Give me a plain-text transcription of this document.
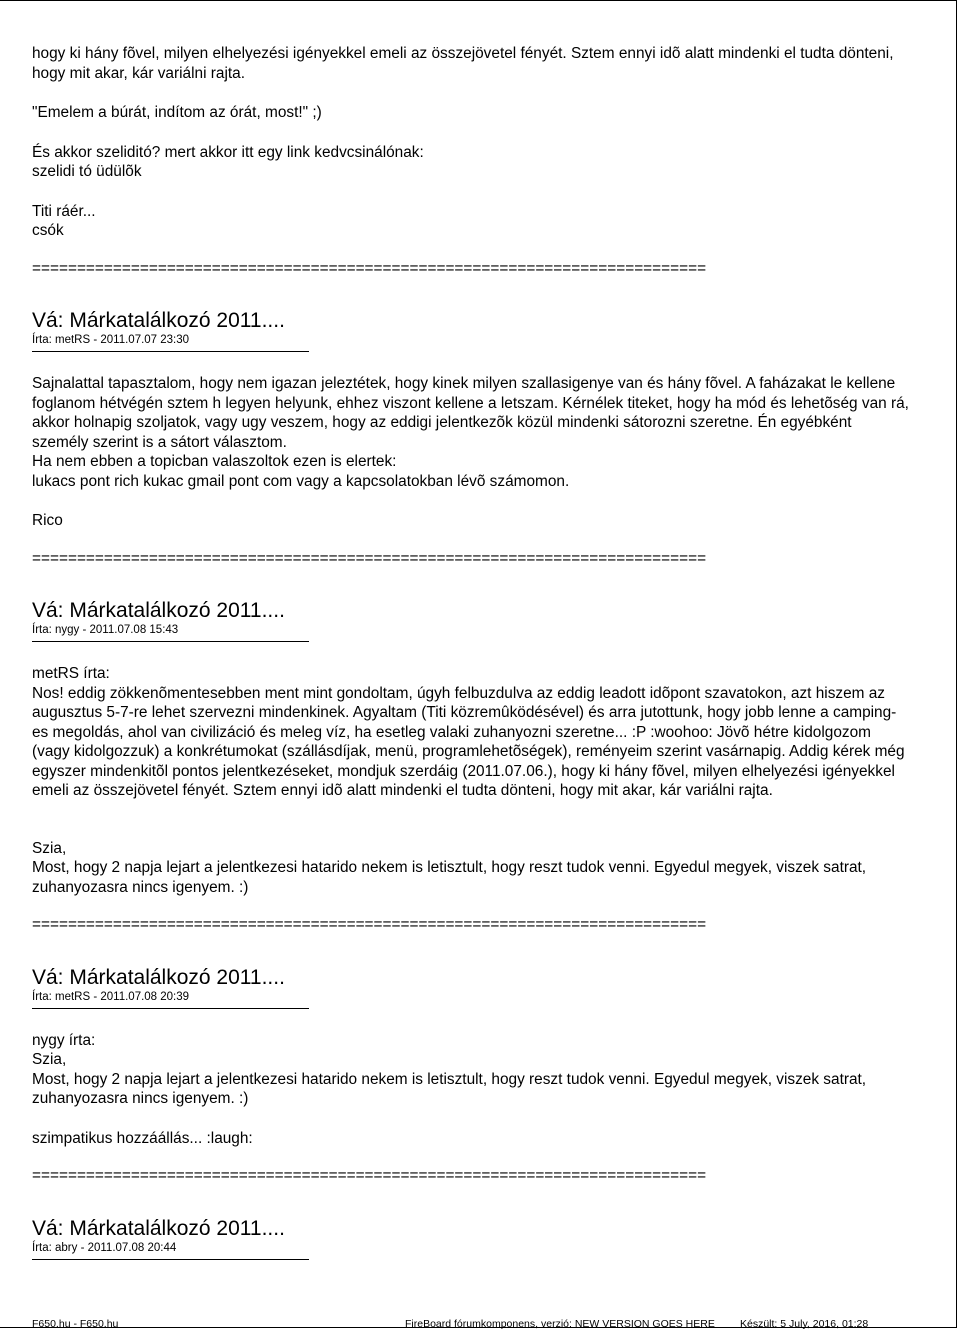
hogy ki hány fõvel, milyen elhelyezési igényekkel emeli az összejövetel fényét. Sztem ennyi idõ alatt mindenki el tudta dönteni, hogy mit akar, kár variálni rajta.

"Emelem a búrát, indítom az órát, most!" ;)

És akkor szeliditó? mert akkor itt egy link kedvcsinálónak:
szelidi tó üdülõk

Titi ráér...
csók

===========================================================================

Vá: Márkatalálkozó 2011....

Írta: metRS - 2011.07.07 23:30

Sajnalattal tapasztalom, hogy nem igazan jeleztétek, hogy kinek milyen szallasigenye van és hány fõvel. A faházakat le kellene foglanom hétvégén sztem h legyen helyunk, ehhez viszont kellene a letszam. Kérnélek titeket, hogy ha mód és lehetõség van rá, akkor holnapig szoljatok, vagy ugy veszem, hogy az eddigi jelentkezõk közül mindenki sátorozni szeretne. Én egyébként személy szerint is a sátort választom.
Ha nem ebben a topicban valaszoltok ezen is elertek:
lukacs pont rich kukac gmail pont com vagy a kapcsolatokban lévõ számomon.

Rico

===========================================================================

Vá: Márkatalálkozó 2011....

Írta: nygy - 2011.07.08 15:43

metRS írta:

Nos! eddig zökkenõmentesebben ment mint gondoltam, úgyh felbuzdulva az eddig leadott idõpont szavatokon, azt hiszem az augusztus 5-7-re lehet szervezni mindenkinek. Agyaltam (Titi közremûködésével) és arra jutottunk, hogy jobb lenne a camping-es megoldás, ahol van civilizáció és meleg víz, ha esetleg valaki zuhanyozni szeretne... :P :woohoo: Jövõ hétre kidolgozom (vagy kidolgozzuk) a konkrétumokat (szállásdíjak, menü, programlehetõségek), reményeim szerint vasárnapig. Addig kérek még egyszer mindenkitõl pontos jelentkezéseket, mondjuk szerdáig (2011.07.06.), hogy ki hány fõvel, milyen elhelyezési igényekkel emeli az összejövetel fényét. Sztem ennyi idõ alatt mindenki el tudta dönteni, hogy mit akar, kár variálni rajta.

Szia,
Most, hogy 2 napja lejart a jelentkezesi hatarido nekem is letisztult, hogy reszt tudok venni. Egyedul megyek, viszek satrat, zuhanyozasra nincs igenyem. :)

===========================================================================

Vá: Márkatalálkozó 2011....

Írta: metRS - 2011.07.08 20:39

nygy írta:

Szia,
Most, hogy 2 napja lejart a jelentkezesi hatarido nekem is letisztult, hogy reszt tudok venni. Egyedul megyek, viszek satrat, zuhanyozasra nincs igenyem. :)

szimpatikus hozzáállás... :laugh:

===========================================================================

Vá: Márkatalálkozó 2011....

Írta: abry - 2011.07.08 20:44

F650.hu - F650.hu	FireBoard fórumkomponens, verzió: NEW VERSION GOES HERE Készült: 5 July, 2016, 01:28
